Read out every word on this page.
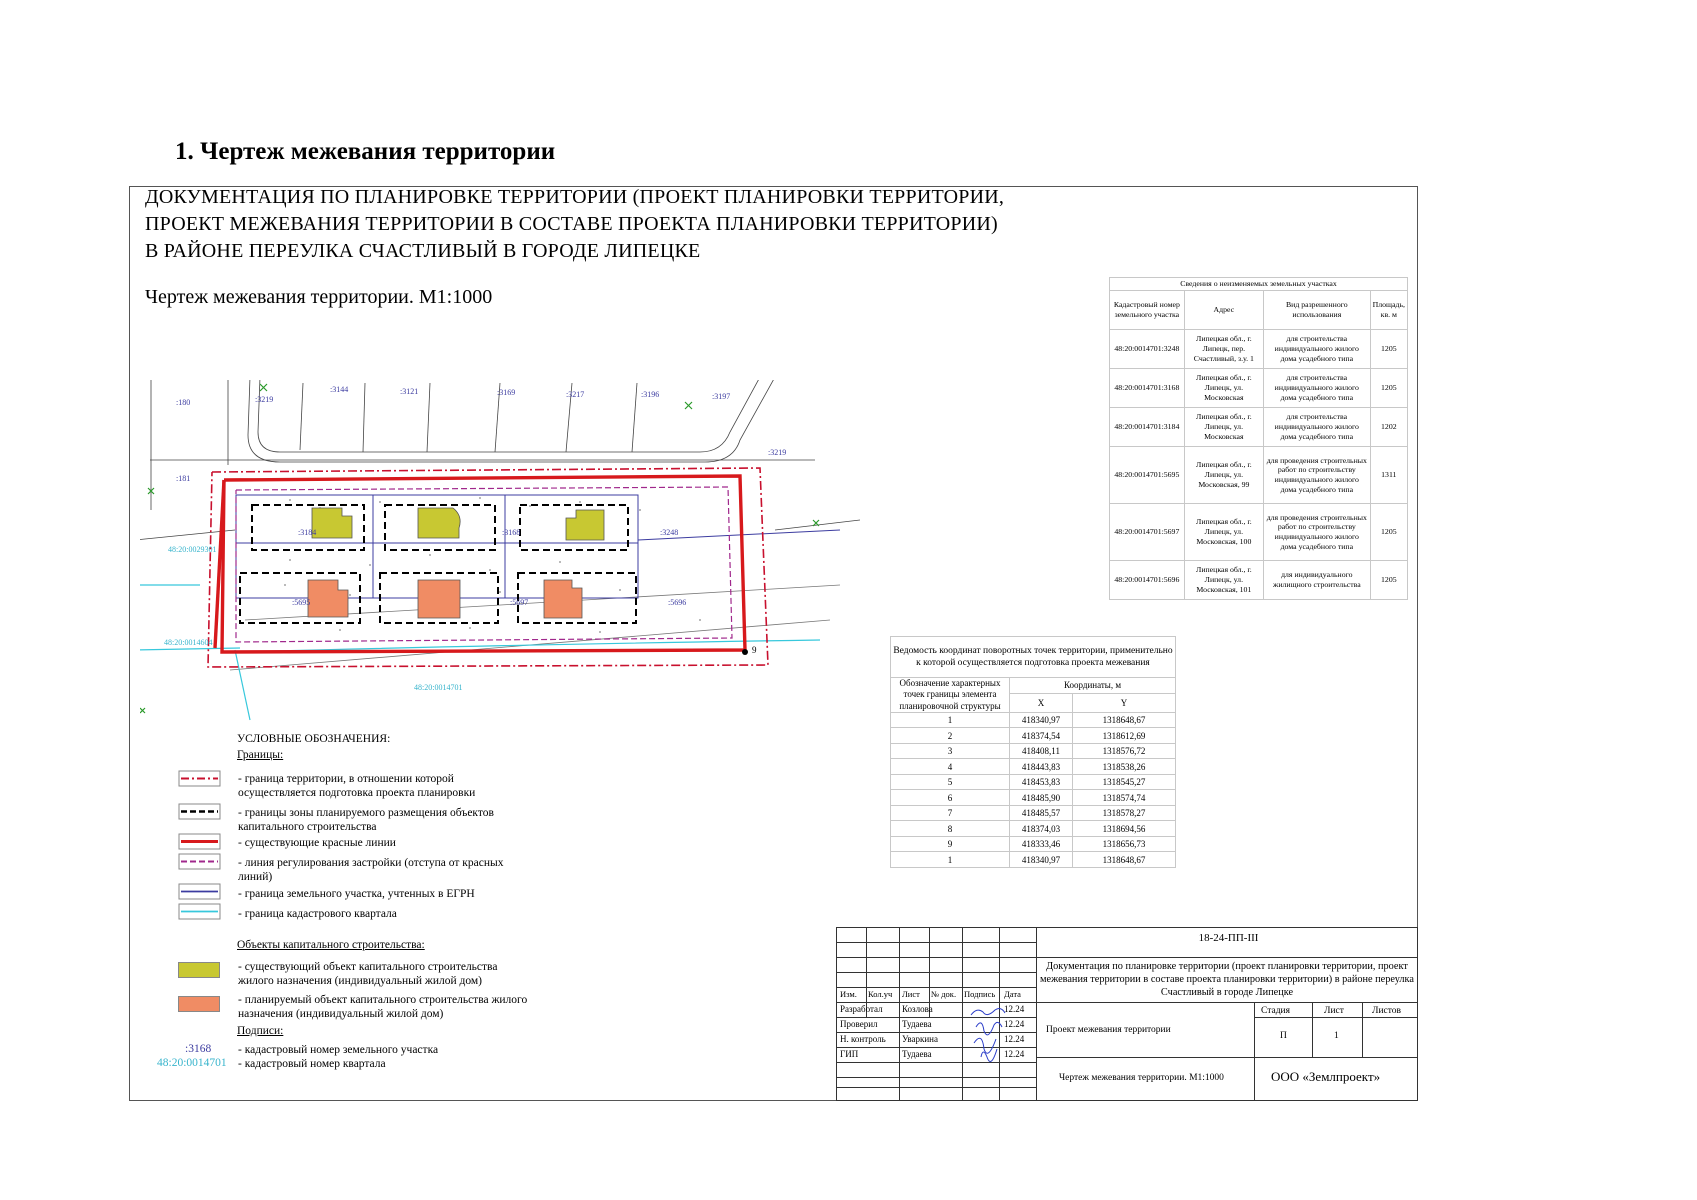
1. Чертеж межевания территории
ДОКУМЕНТАЦИЯ ПО ПЛАНИРОВКЕ ТЕРРИТОРИИ (ПРОЕКТ ПЛАНИРОВКИ ТЕРРИТОРИИ,
ПРОЕКТ МЕЖЕВАНИЯ ТЕРРИТОРИИ В СОСТАВЕ ПРОЕКТА ПЛАНИРОВКИ ТЕРРИТОРИИ)
В РАЙОНЕ ПЕРЕУЛКА СЧАСТЛИВЫЙ В ГОРОДЕ ЛИПЕЦКЕ
Чертеж межевания территории. М1:1000
Сведения о неизменяемых земельных участках			
Кадастровый номер земельного участка	Адрес	Вид разрешенного использования	Площадь, кв. м
48:20:0014701:3248	Липецкая обл., г. Липецк, пер. Счастливый, з.у. 1	для строительства индивидуального жилого дома усадебного типа	1205
48:20:0014701:3168	Липецкая обл., г. Липецк, ул. Московская	для строительства индивидуального жилого дома усадебного типа	1205
48:20:0014701:3184	Липецкая обл., г. Липецк, ул. Московская	для строительства индивидуального жилого дома усадебного типа	1202
48:20:0014701:5695	Липецкая обл., г. Липецк, ул. Московская, 99	для проведения строительных работ по строительству индивидуального жилого дома усадебного типа	1311
48:20:0014701:5697	Липецкая обл., г. Липецк, ул. Московская, 100	для проведения строительных работ по строительству индивидуального жилого дома усадебного типа	1205
48:20:0014701:5696	Липецкая обл., г. Липецк, ул. Московская, 101	для индивидуального жилищного строительства	1205
Ведомость координат поворотных точек территории, применительно к которой осуществляется подготовка проекта межевания		
Обозначение характерных точек границы элемента планировочной структуры	Координаты, м	
	X	Y
1	418340,97	1318648,67
2	418374,54	1318612,69
3	418408,11	1318576,72
4	418443,83	1318538,26
5	418453,83	1318545,27
6	418485,90	1318574,74
7	418485,57	1318578,27
8	418374,03	1318694,56
9	418333,46	1318656,73
1	418340,97	1318648,67
:180
:181
:3219
:3144	:3121	:3169	:3217	:3196	:3197
:3219
:3184	:3168	:3248
:5695	:5697	:5696
48:20:0029301
48:20:0014604
48:20:0014701
9
УСЛОВНЫЕ ОБОЗНАЧЕНИЯ:
Границы:
- граница территории, в отношении которой осуществляется подготовка проекта планировки
- границы зоны планируемого размещения объектов капитального строительства
- существующие красные линии
- линия регулирования застройки (отступа от красных линий)
- граница земельного участка, учтенных в ЕГРН
- граница кадастрового квартала
Объекты капитального строительства:
- существующий объект капитального строительства жилого назначения (индивидуальный жилой дом)
- планируемый объект капитального строительства жилого назначения (индивидуальный жилой дом)
Подписи:
:3168 - кадастровый номер земельного участка
48:20:0014701 - кадастровый номер квартала
18-24-ПП-III
Документация по планировке территории (проект планировки территории, проект межевания территории в составе проекта планировки территории) в районе переулка Счастливый в городе Липецке
Изм. Кол.уч Лист № док. Подпись Дата
Разработал Козлова	12.24
Проверил	Тудаева	12.24
Н. контроль Уваркина	12.24
ГИП	Тудаева	12.24
Проект межевания территории
Стадия	Лист	Листов
П	1
Чертеж межевания территории. М1:1000	ООО «Землпроект»
